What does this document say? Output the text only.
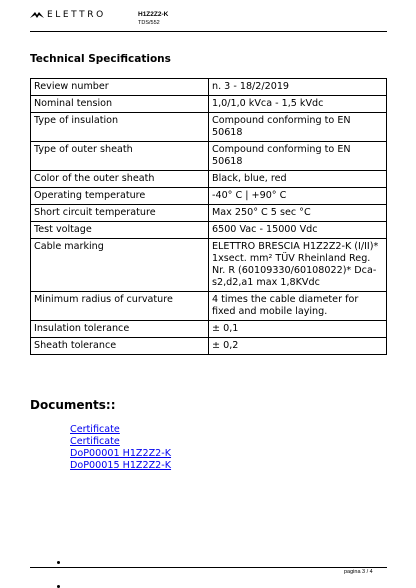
ELETTRO	H1Z2Z2-K
TDS/552
Technical Specifications
Review number	n. 3 - 18/2/2019
Nominal tension	1,0/1,0 kVca - 1,5 kVdc
Type of insulation	Compound conforming to EN 50618
Type of outer sheath	Compound conforming to EN 50618
Color of the outer sheath	Black, blue, red
Operating temperature	-40° C | +90° C
Short circuit temperature	Max 250° C 5 sec °C
Test voltage	6500 Vac - 15000 Vdc
Cable marking	ELETTRO BRESCIA H1Z2Z2-K (I/II)* 1xsect. mm² TÜV Rheinland Reg. Nr. R (60109330/60108022)* Dca-s2,d2,a1 max 1,8KVdc
Minimum radius of curvature	4 times the cable diameter for fixed and mobile laying.
Insulation tolerance	± 0,1
Sheath tolerance	± 0,2
Documents::
Certificate
Certificate
DoP00001 H1Z2Z2-K
DoP00015 H1Z2Z2-K
pagina 3 / 4
